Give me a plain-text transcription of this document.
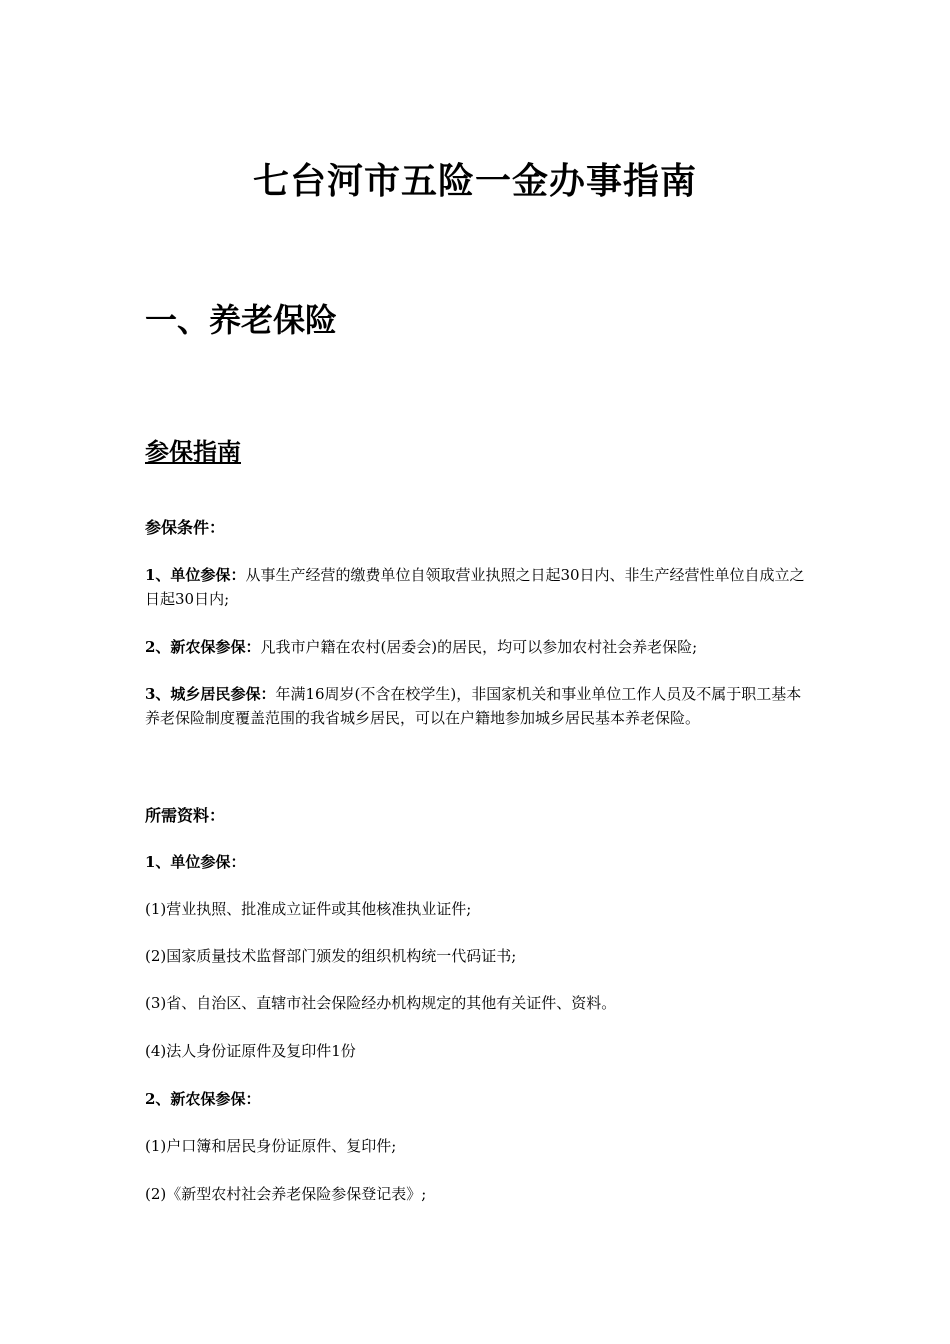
七台河市五险一金办事指南
一、养老保险
参保指南

参保条件：

1、单位参保：从事生产经营的缴费单位自领取营业执照之日起30日内、非生产经营性单位自成立之日起30日内;

2、新农保参保：凡我市户籍在农村(居委会)的居民，均可以参加农村社会养老保险;

3、城乡居民参保：年满16周岁(不含在校学生)，非国家机关和事业单位工作人员及不属于职工基本养老保险制度覆盖范围的我省城乡居民，可以在户籍地参加城乡居民基本养老保险。

所需资料：

1、单位参保：

(1)营业执照、批准成立证件或其他核准执业证件;

(2)国家质量技术监督部门颁发的组织机构统一代码证书;

(3)省、自治区、直辖市社会保险经办机构规定的其他有关证件、资料。

(4)法人身份证原件及复印件1份

2、新农保参保：

(1)户口簿和居民身份证原件、复印件;

(2)《新型农村社会养老保险参保登记表》;
